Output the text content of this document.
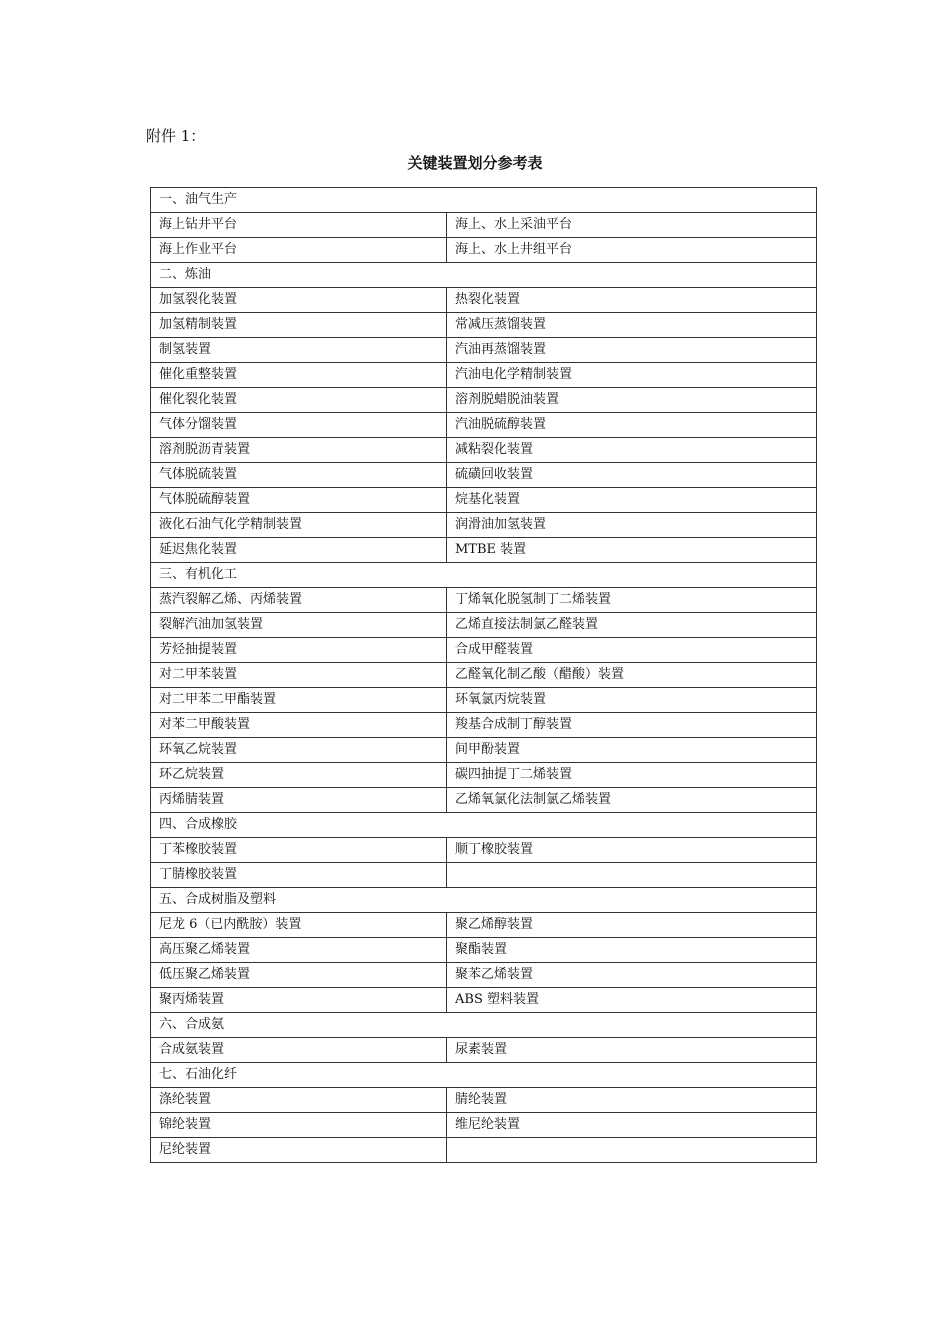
附件 1：

关键装置划分参考表
一、油气生产	
海上钻井平台	海上、水上采油平台
海上作业平台	海上、水上井组平台
二、炼油	
加氢裂化装置	热裂化装置
加氢精制装置	常减压蒸馏装置
制氢装置	汽油再蒸馏装置
催化重整装置	汽油电化学精制装置
催化裂化装置	溶剂脱蜡脱油装置
气体分馏装置	汽油脱硫醇装置
溶剂脱沥青装置	减粘裂化装置
气体脱硫装置	硫磺回收装置
气体脱硫醇装置	烷基化装置
液化石油气化学精制装置	润滑油加氢装置
延迟焦化装置	MTBE 装置
三、有机化工	
蒸汽裂解乙烯、丙烯装置	丁烯氧化脱氢制丁二烯装置
裂解汽油加氢装置	乙烯直接法制氯乙醛装置
芳烃抽提装置	合成甲醛装置
对二甲苯装置	乙醛氧化制乙酸（醋酸）装置
对二甲苯二甲酯装置	环氧氯丙烷装置
对苯二甲酸装置	羧基合成制丁醇装置
环氧乙烷装置	间甲酚装置
环乙烷装置	碳四抽提丁二烯装置
丙烯腈装置	乙烯氧氯化法制氯乙烯装置
四、合成橡胶	
丁苯橡胶装置	顺丁橡胶装置
丁腈橡胶装置	
五、合成树脂及塑料	
尼龙 6（已内酰胺）装置	聚乙烯醇装置
高压聚乙烯装置	聚酯装置
低压聚乙烯装置	聚苯乙烯装置
聚丙烯装置	ABS 塑料装置
六、合成氨	
合成氨装置	尿素装置
七、石油化纤	
涤纶装置	腈纶装置
锦纶装置	维尼纶装置
尼纶装置	
